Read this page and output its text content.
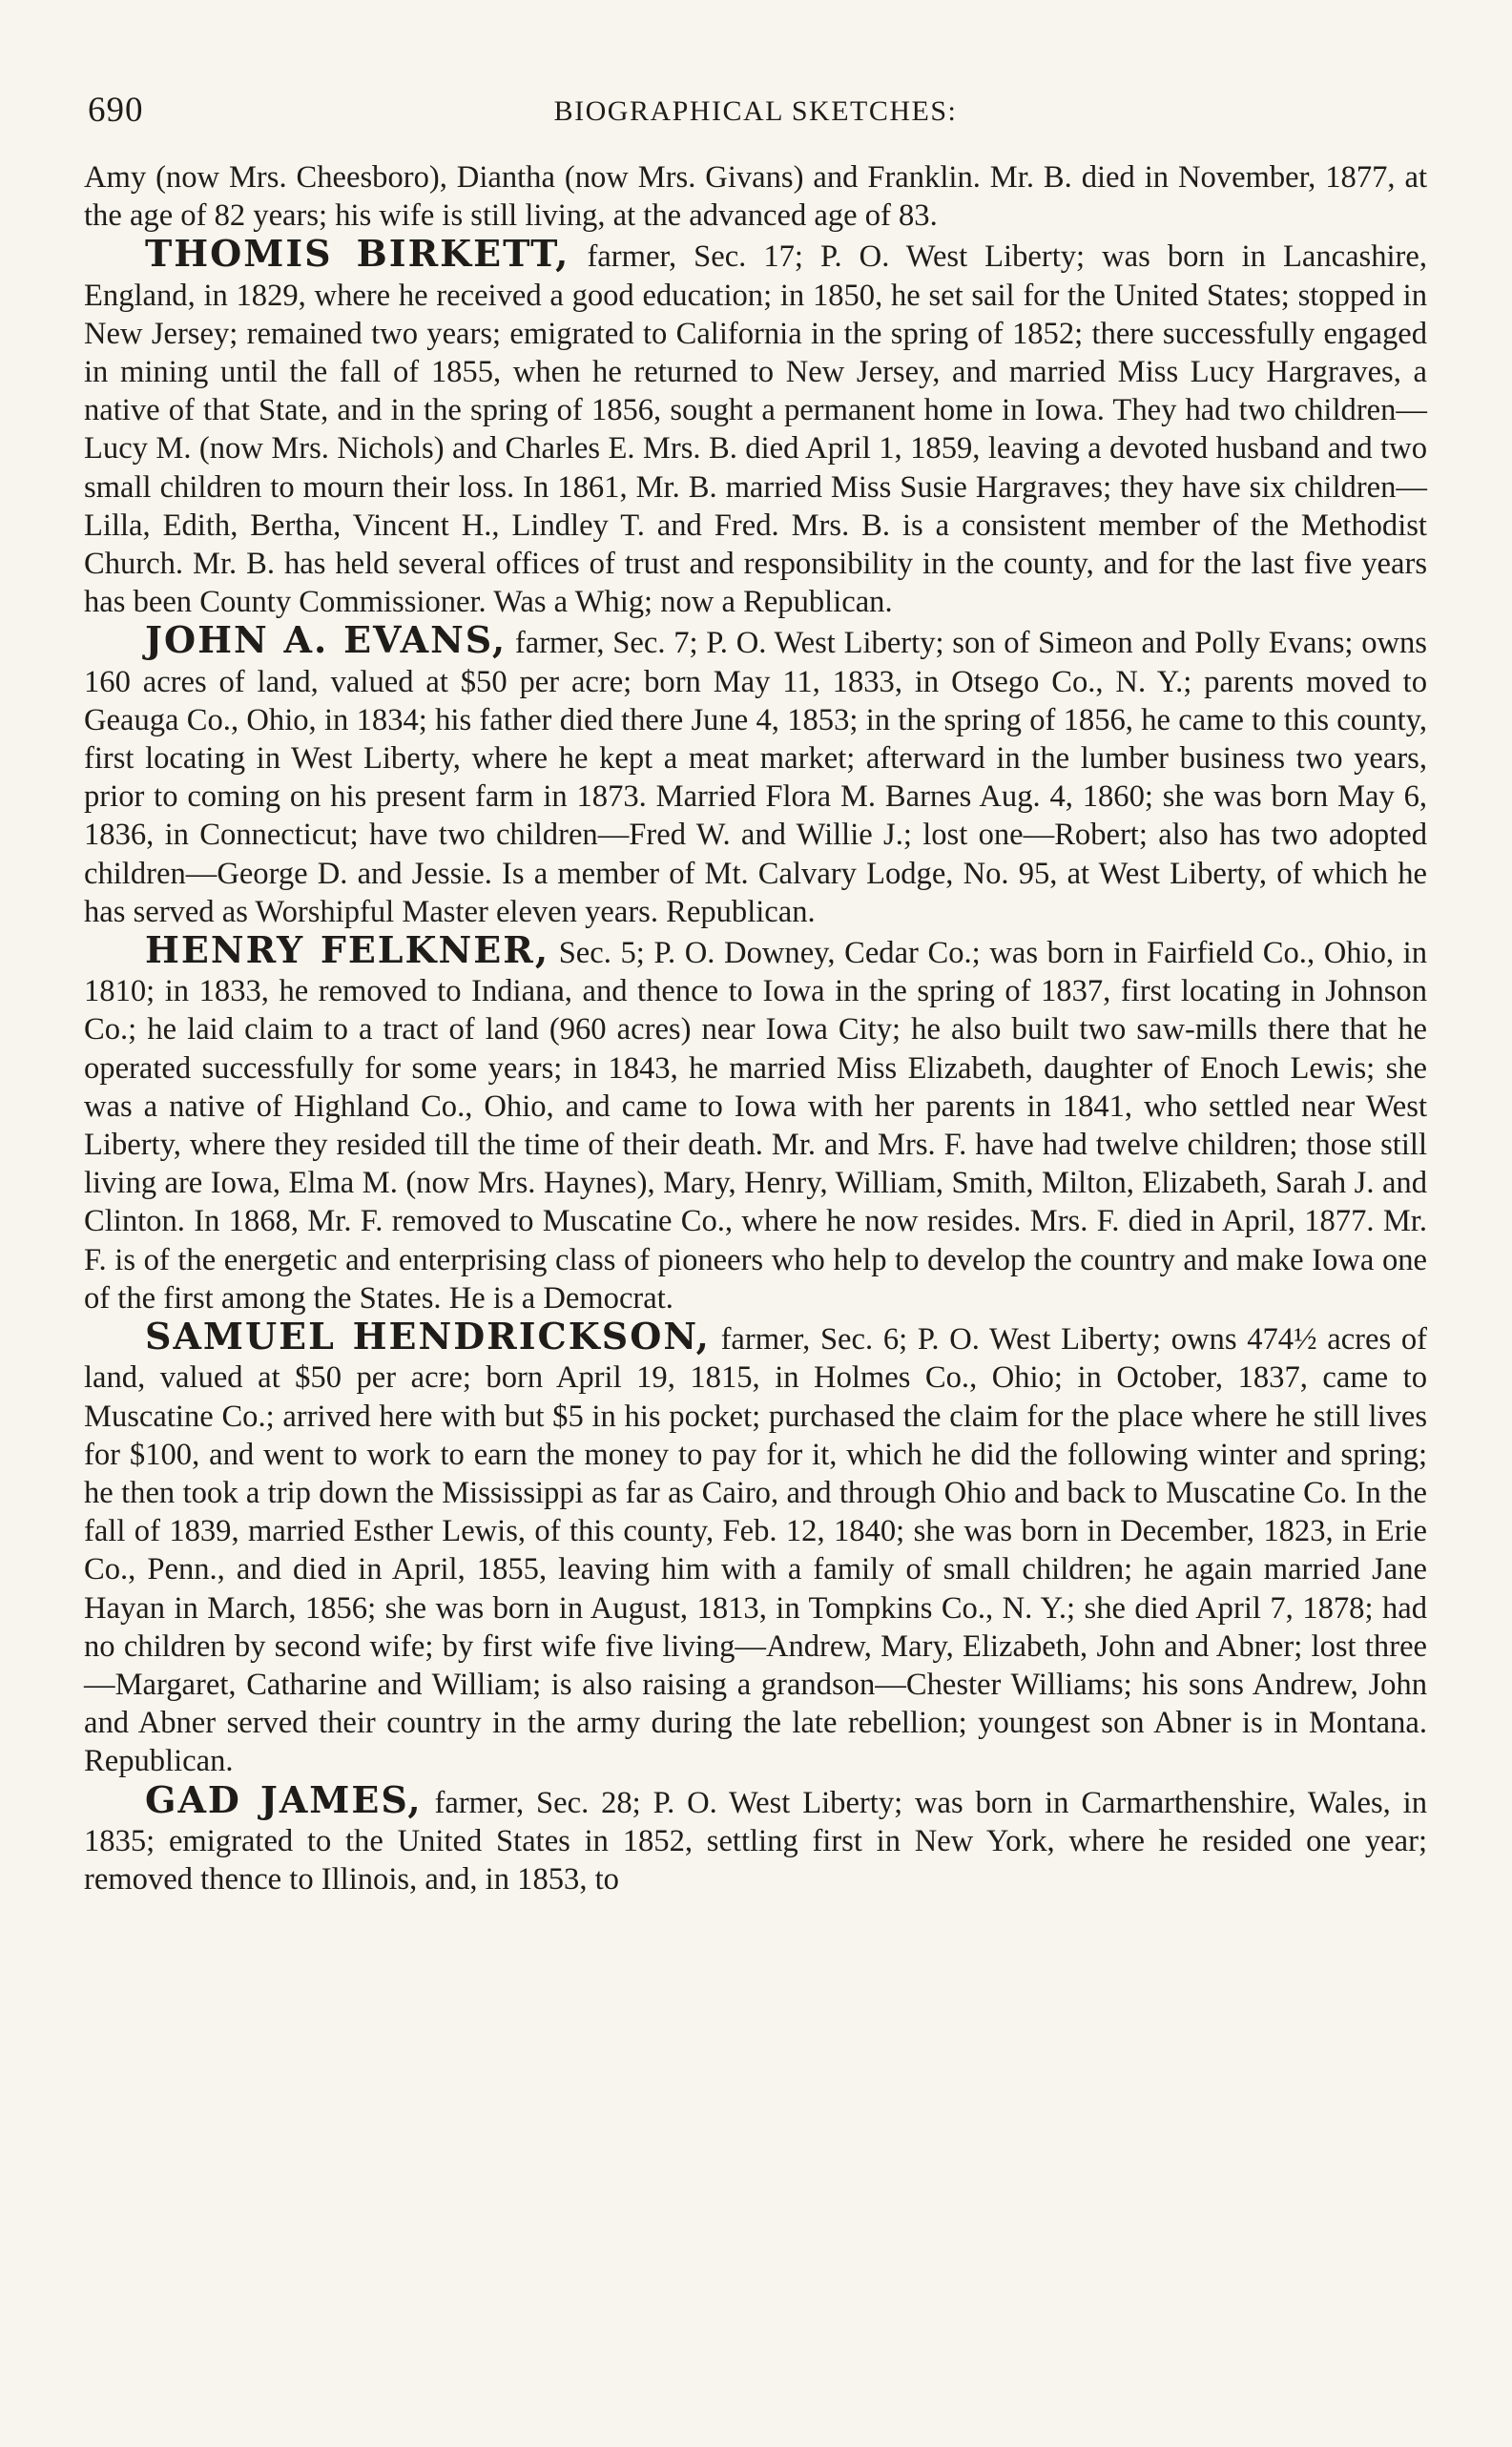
690	BIOGRAPHICAL SKETCHES:

Amy (now Mrs. Cheesboro), Diantha (now Mrs. Givans) and Franklin. Mr. B. died in November, 1877, at the age of 82 years; his wife is still living, at the advanced age of 83.

THOMIS BIRKETT, farmer, Sec. 17; P. O. West Liberty; was born in Lancashire, England, in 1829, where he received a good education; in 1850, he set sail for the United States; stopped in New Jersey; remained two years; emigrated to California in the spring of 1852; there successfully engaged in mining until the fall of 1855, when he returned to New Jersey, and married Miss Lucy Hargraves, a native of that State, and in the spring of 1856, sought a permanent home in Iowa. They had two children—Lucy M. (now Mrs. Nichols) and Charles E. Mrs. B. died April 1, 1859, leaving a devoted husband and two small children to mourn their loss. In 1861, Mr. B. married Miss Susie Hargraves; they have six children—Lilla, Edith, Bertha, Vincent H., Lindley T. and Fred. Mrs. B. is a consistent member of the Methodist Church. Mr. B. has held several offices of trust and responsibility in the county, and for the last five years has been County Commissioner. Was a Whig; now a Republican.

JOHN A. EVANS, farmer, Sec. 7; P. O. West Liberty; son of Simeon and Polly Evans; owns 160 acres of land, valued at $50 per acre; born May 11, 1833, in Otsego Co., N. Y.; parents moved to Geauga Co., Ohio, in 1834; his father died there June 4, 1853; in the spring of 1856, he came to this county, first locating in West Liberty, where he kept a meat market; afterward in the lumber business two years, prior to coming on his present farm in 1873. Married Flora M. Barnes Aug. 4, 1860; she was born May 6, 1836, in Connecticut; have two children—Fred W. and Willie J.; lost one—Robert; also has two adopted children—George D. and Jessie. Is a member of Mt. Calvary Lodge, No. 95, at West Liberty, of which he has served as Worshipful Master eleven years. Republican.

HENRY FELKNER, Sec. 5; P. O. Downey, Cedar Co.; was born in Fairfield Co., Ohio, in 1810; in 1833, he removed to Indiana, and thence to Iowa in the spring of 1837, first locating in Johnson Co.; he laid claim to a tract of land (960 acres) near Iowa City; he also built two saw-mills there that he operated successfully for some years; in 1843, he married Miss Elizabeth, daughter of Enoch Lewis; she was a native of Highland Co., Ohio, and came to Iowa with her parents in 1841, who settled near West Liberty, where they resided till the time of their death. Mr. and Mrs. F. have had twelve children; those still living are Iowa, Elma M. (now Mrs. Haynes), Mary, Henry, William, Smith, Milton, Elizabeth, Sarah J. and Clinton. In 1868, Mr. F. removed to Muscatine Co., where he now resides. Mrs. F. died in April, 1877. Mr. F. is of the energetic and enterprising class of pioneers who help to develop the country and make Iowa one of the first among the States. He is a Democrat.

SAMUEL HENDRICKSON, farmer, Sec. 6; P. O. West Liberty; owns 474½ acres of land, valued at $50 per acre; born April 19, 1815, in Holmes Co., Ohio; in October, 1837, came to Muscatine Co.; arrived here with but $5 in his pocket; purchased the claim for the place where he still lives for $100, and went to work to earn the money to pay for it, which he did the following winter and spring; he then took a trip down the Mississippi as far as Cairo, and through Ohio and back to Muscatine Co. In the fall of 1839, married Esther Lewis, of this county, Feb. 12, 1840; she was born in December, 1823, in Erie Co., Penn., and died in April, 1855, leaving him with a family of small children; he again married Jane Hayan in March, 1856; she was born in August, 1813, in Tompkins Co., N. Y.; she died April 7, 1878; had no children by second wife; by first wife five living—Andrew, Mary, Elizabeth, John and Abner; lost three—Margaret, Catharine and William; is also raising a grandson—Chester Williams; his sons Andrew, John and Abner served their country in the army during the late rebellion; youngest son Abner is in Montana. Republican.

GAD JAMES, farmer, Sec. 28; P. O. West Liberty; was born in Carmarthenshire, Wales, in 1835; emigrated to the United States in 1852, settling first in New York, where he resided one year; removed thence to Illinois, and, in 1853, to
